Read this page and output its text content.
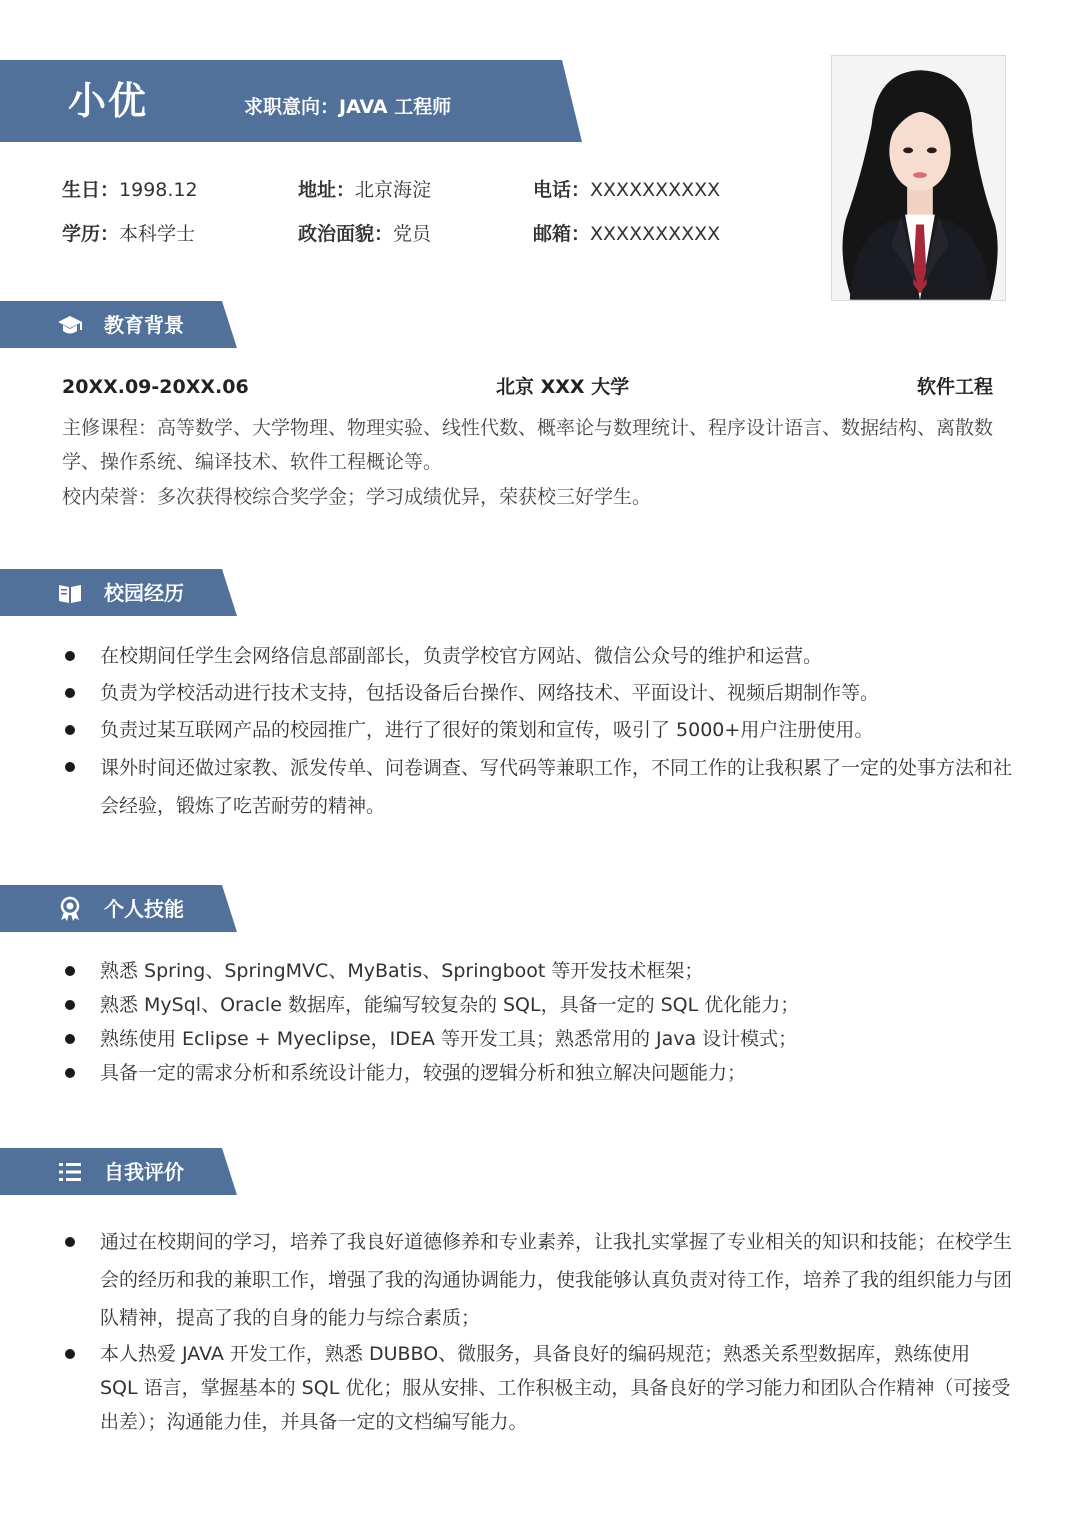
小优	求职意向：JAVA 工程师
生日：1998.12	地址：北京海淀	电话：XXXXXXXXXX
学历：本科学士	政治面貌：党员	邮箱：XXXXXXXXXX
教育背景
20XX.09-20XX.06	北京 XXX 大学	软件工程
主修课程：高等数学、大学物理、物理实验、线性代数、概率论与数理统计、程序设计语言、数据结构、离散数学、操作系统、编译技术、软件工程概论等。
校内荣誉：多次获得校综合奖学金；学习成绩优异，荣获校三好学生。
校园经历
在校期间任学生会网络信息部副部长，负责学校官方网站、微信公众号的维护和运营。
负责为学校活动进行技术支持，包括设备后台操作、网络技术、平面设计、视频后期制作等。
负责过某互联网产品的校园推广，进行了很好的策划和宣传，吸引了 5000+用户注册使用。
课外时间还做过家教、派发传单、问卷调查、写代码等兼职工作，不同工作的让我积累了一定的处事方法和社会经验，锻炼了吃苦耐劳的精神。
个人技能
熟悉 Spring、SpringMVC、MyBatis、Springboot 等开发技术框架；
熟悉 MySql、Oracle 数据库，能编写较复杂的 SQL，具备一定的 SQL 优化能力；
熟练使用 Eclipse + Myeclipse，IDEA 等开发工具；熟悉常用的 Java 设计模式；
具备一定的需求分析和系统设计能力，较强的逻辑分析和独立解决问题能力；
自我评价
通过在校期间的学习，培养了我良好道德修养和专业素养，让我扎实掌握了专业相关的知识和技能；在校学生会的经历和我的兼职工作，增强了我的沟通协调能力，使我能够认真负责对待工作，培养了我的组织能力与团队精神，提高了我的自身的能力与综合素质；
本人热爱 JAVA 开发工作，熟悉 DUBBO、微服务，具备良好的编码规范；熟悉关系型数据库，熟练使用 SQL 语言，掌握基本的 SQL 优化；服从安排、工作积极主动，具备良好的学习能力和团队合作精神（可接受出差）；沟通能力佳，并具备一定的文档编写能力。
